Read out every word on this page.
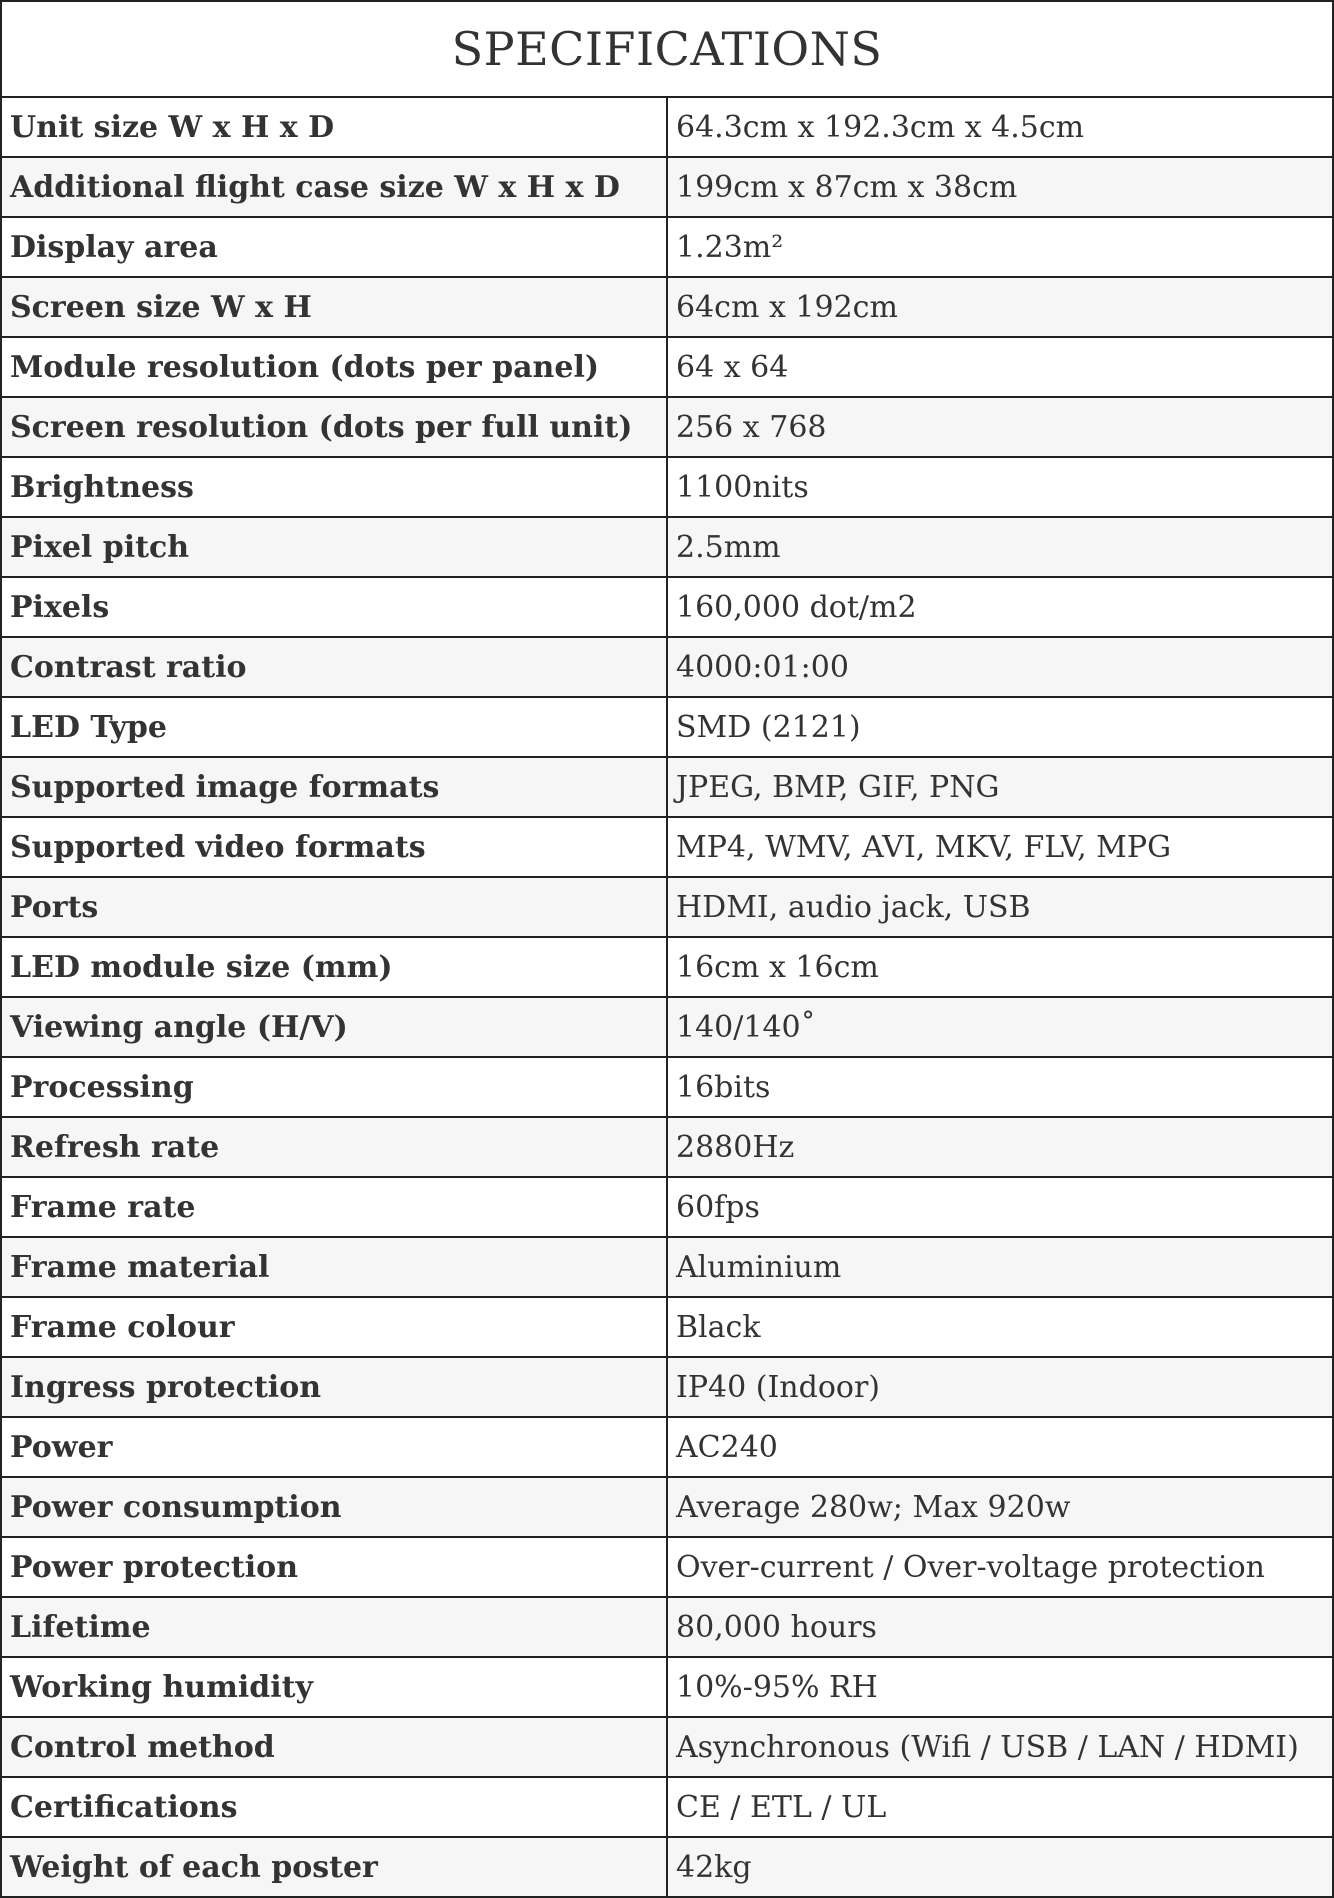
SPECIFICATIONS	
Unit size W x H x D	64.3cm x 192.3cm x 4.5cm
Additional flight case size W x H x D	199cm x 87cm x 38cm
Display area	1.23m²
Screen size W x H	64cm x 192cm
Module resolution (dots per panel)	64 x 64
Screen resolution (dots per full unit)	256 x 768
Brightness	1100nits
Pixel pitch	2.5mm
Pixels	160,000 dot/m2
Contrast ratio	4000:01:00
LED Type	SMD (2121)
Supported image formats	JPEG, BMP, GIF, PNG
Supported video formats	MP4, WMV, AVI, MKV, FLV, MPG
Ports	HDMI, audio jack, USB
LED module size (mm)	16cm x 16cm
Viewing angle (H/V)	140/140˚
Processing	16bits
Refresh rate	2880Hz
Frame rate	60fps
Frame material	Aluminium
Frame colour	Black
Ingress protection	IP40 (Indoor)
Power	AC240
Power consumption	Average 280w; Max 920w
Power protection	Over-current / Over-voltage protection
Lifetime	80,000 hours
Working humidity	10%-95% RH
Control method	Asynchronous (Wifi / USB / LAN / HDMI)
Certifications	CE / ETL / UL
Weight of each poster	42kg
